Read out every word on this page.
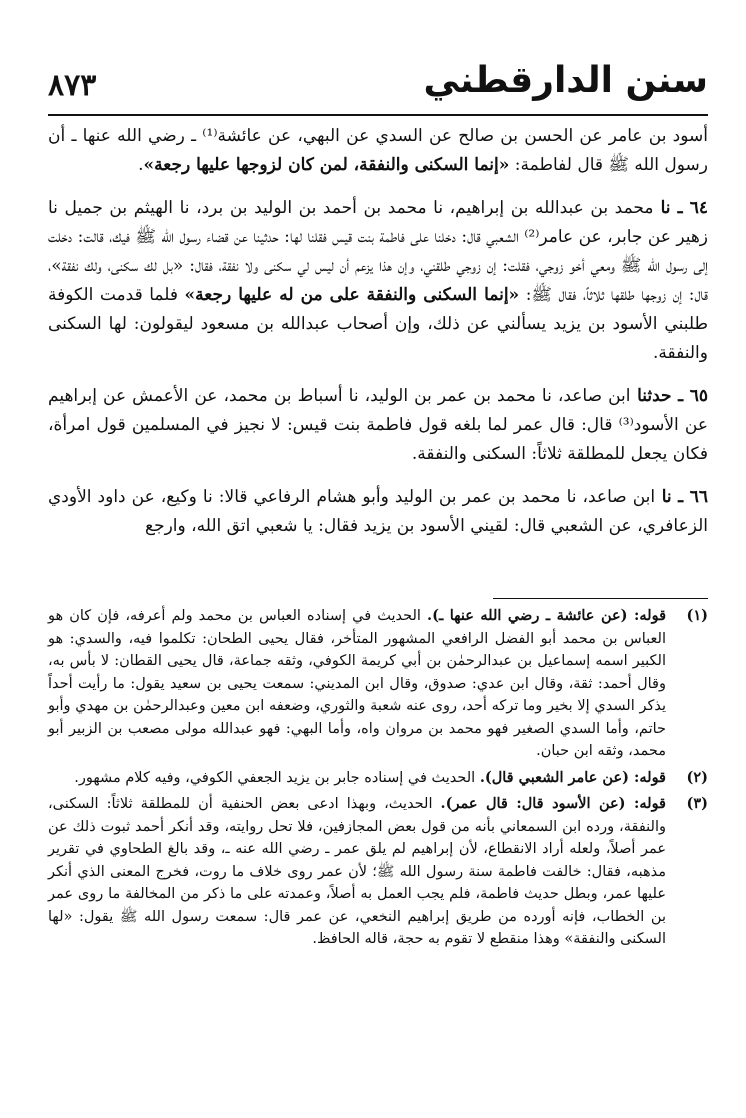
٨٧٣	سنن الدارقطني

أسود بن عامر عن الحسن بن صالح عن السدي عن البهي، عن عائشة⁽¹⁾ ـ رضي الله عنها ـ أن رسول الله ﷺ قال لفاطمة: «إنما السكنى والنفقة، لمن كان لزوجها عليها رجعة».

٦٤ ـ نا محمد بن عبدالله بن إبراهيم، نا محمد بن أحمد بن الوليد بن برد، نا الهيثم بن جميل نا زهير عن جابر، عن عامر⁽²⁾ الشعبي قال: دخلنا على فاطمة بنت قيس فقلنا لها: حدثينا عن قضاء رسول الله ﷺ فيك، قالت: دخلت إلى رسول الله ﷺ ومعي أخو زوجي، فقلت: إن زوجي طلقني، وإن هذا يزعم أن ليس لي سكنى ولا نفقة، فقال: «بل لك سكنى، ولك نفقة»، قال: إن زوجها طلقها ثلاثاً، فقال ﷺ: «إنما السكنى والنفقة على من له عليها رجعة» فلما قدمت الكوفة طلبني الأسود بن يزيد يسألني عن ذلك، وإن أصحاب عبدالله بن مسعود ليقولون: لها السكنى والنفقة.

٦٥ ـ حدثنا ابن صاعد، نا محمد بن عمر بن الوليد، نا أسباط بن محمد، عن الأعمش عن إبراهيم عن الأسود⁽³⁾ قال: قال عمر لما بلغه قول فاطمة بنت قيس: لا نجيز في المسلمين قول امرأة، فكان يجعل للمطلقة ثلاثاً: السكنى والنفقة.

٦٦ ـ نا ابن صاعد، نا محمد بن عمر بن الوليد وأبو هشام الرفاعي قالا: نا وكيع، عن داود الأودي الزعافري، عن الشعبي قال: لقيني الأسود بن يزيد فقال: يا شعبي اتق الله، وارجع

(١)
قوله: (عن عائشة ـ رضي الله عنها ـ). الحديث في إسناده العباس بن محمد ولم أعرفه، فإن كان هو العباس بن محمد أبو الفضل الرافعي المشهور المتأخر، فقال يحيى الطحان: تكلموا فيه، والسدي: هو الكبير اسمه إسماعيل بن عبدالرحمٰن بن أبي كريمة الكوفي، وثقه جماعة، قال يحيى القطان: لا بأس به، وقال أحمد: ثقة، وقال ابن عدي: صدوق، وقال ابن المديني: سمعت يحيى بن سعيد يقول: ما رأيت أحداً يذكر السدي إلا بخير وما تركه أحد، روى عنه شعبة والثوري، وضعفه ابن معين وعبدالرحمٰن بن مهدي وأبو حاتم، وأما السدي الصغير فهو محمد بن مروان واه، وأما البهي: فهو عبدالله مولى مصعب بن الزبير أبو محمد، وثقه ابن حبان.
(٢)
قوله: (عن عامر الشعبي قال). الحديث في إسناده جابر بن يزيد الجعفي الكوفي، وفيه كلام مشهور.
(٣)
قوله: (عن الأسود قال: قال عمر). الحديث، وبهذا ادعى بعض الحنفية أن للمطلقة ثلاثاً: السكنى، والنفقة، ورده ابن السمعاني بأنه من قول بعض المجازفين، فلا تحل روايته، وقد أنكر أحمد ثبوت ذلك عن عمر أصلاً، ولعله أراد الانقطاع، لأن إبراهيم لم يلق عمر ـ رضي الله عنه ـ، وقد بالغ الطحاوي في تقرير مذهبه، فقال: خالفت فاطمة سنة رسول الله ﷺ؛ لأن عمر روى خلاف ما روت، فخرج المعنى الذي أنكر عليها عمر، وبطل حديث فاطمة، فلم يجب العمل به أصلاً، وعمدته على ما ذكر من المخالفة ما روى عمر بن الخطاب، فإنه أورده من طريق إبراهيم النخعي، عن عمر قال: سمعت رسول الله ﷺ يقول: «لها السكنى والنفقة» وهذا منقطع لا تقوم به حجة، قاله الحافظ.
